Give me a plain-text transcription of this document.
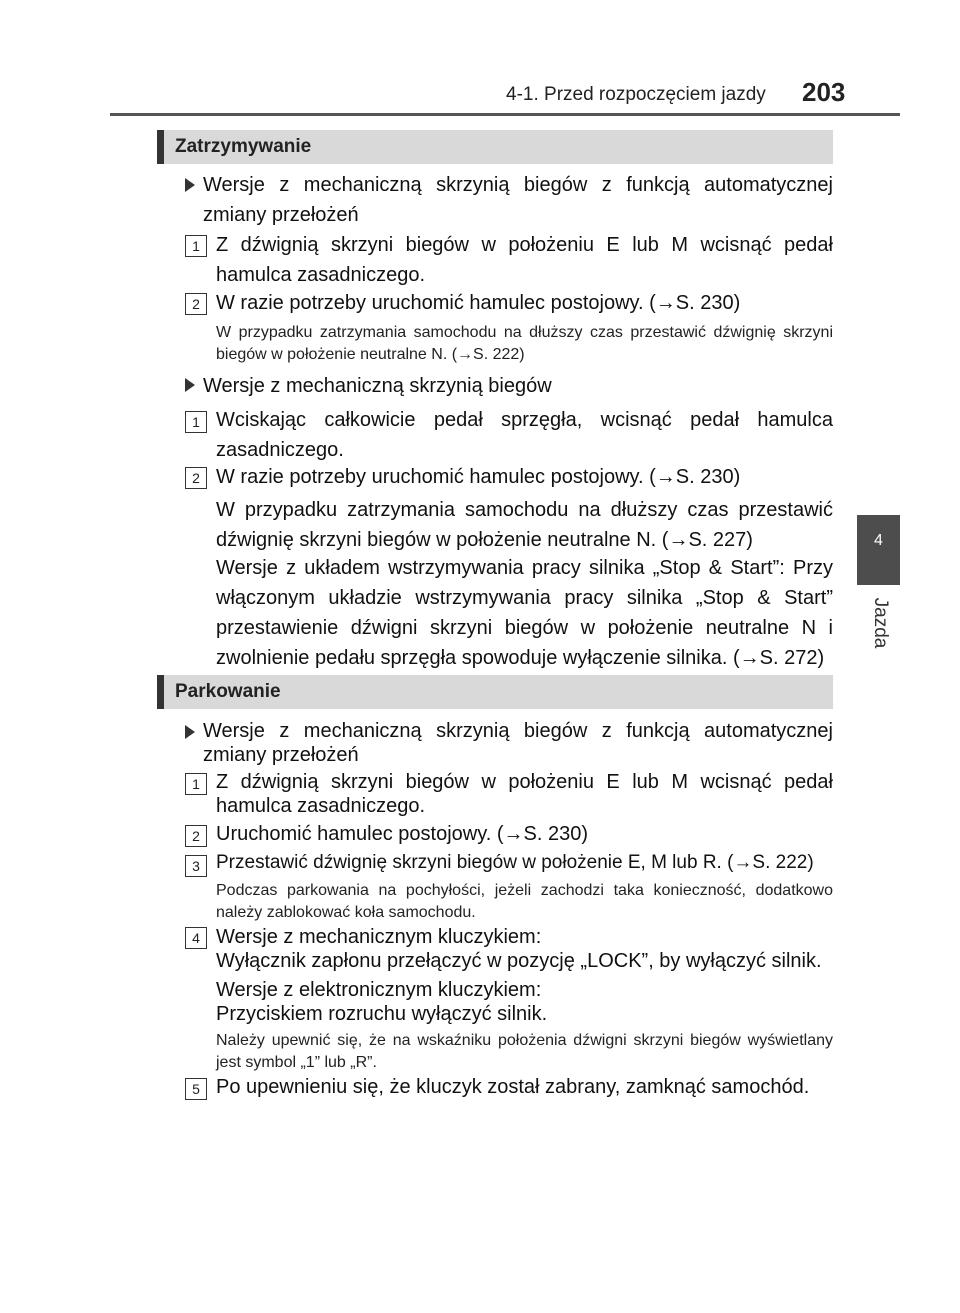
4-1. Przed rozpoczęciem jazdy 203
4
Jazda
Zatrzymywanie
Wersje z mechaniczną skrzynią biegów z funkcją automatycznej zmiany przełożeń
1 Z dźwignią skrzyni biegów w położeniu E lub M wcisnąć pedał hamulca zasadniczego.
2 W razie potrzeby uruchomić hamulec postojowy. (→S. 230)
W przypadku zatrzymania samochodu na dłuższy czas przestawić dźwignię skrzyni biegów w położenie neutralne N. (→S. 222)
Wersje z mechaniczną skrzynią biegów
1 Wciskając całkowicie pedał sprzęgła, wcisnąć pedał hamulca zasadniczego.
2 W razie potrzeby uruchomić hamulec postojowy. (→S. 230)
W przypadku zatrzymania samochodu na dłuższy czas przestawić dźwignię skrzyni biegów w położenie neutralne N. (→S. 227)
Wersje z układem wstrzymywania pracy silnika „Stop & Start”: Przy włączonym układzie wstrzymywania pracy silnika „Stop & Start” przestawienie dźwigni skrzyni biegów w położenie neutralne N i zwolnienie pedału sprzęgła spowoduje wyłączenie silnika. (→S. 272)
Parkowanie
Wersje z mechaniczną skrzynią biegów z funkcją automatycznej zmiany przełożeń
1 Z dźwignią skrzyni biegów w położeniu E lub M wcisnąć pedał hamulca zasadniczego.
2 Uruchomić hamulec postojowy. (→S. 230)
3 Przestawić dźwignię skrzyni biegów w położenie E, M lub R. (→S. 222)
Podczas parkowania na pochyłości, jeżeli zachodzi taka konieczność, dodatkowo należy zablokować koła samochodu.
4 Wersje z mechanicznym kluczykiem:
Wyłącznik zapłonu przełączyć w pozycję „LOCK”, by wyłączyć silnik.
Wersje z elektronicznym kluczykiem:
Przyciskiem rozruchu wyłączyć silnik.
Należy upewnić się, że na wskaźniku położenia dźwigni skrzyni biegów wyświetlany jest symbol „1” lub „R”.
5 Po upewnieniu się, że kluczyk został zabrany, zamknąć samochód.
